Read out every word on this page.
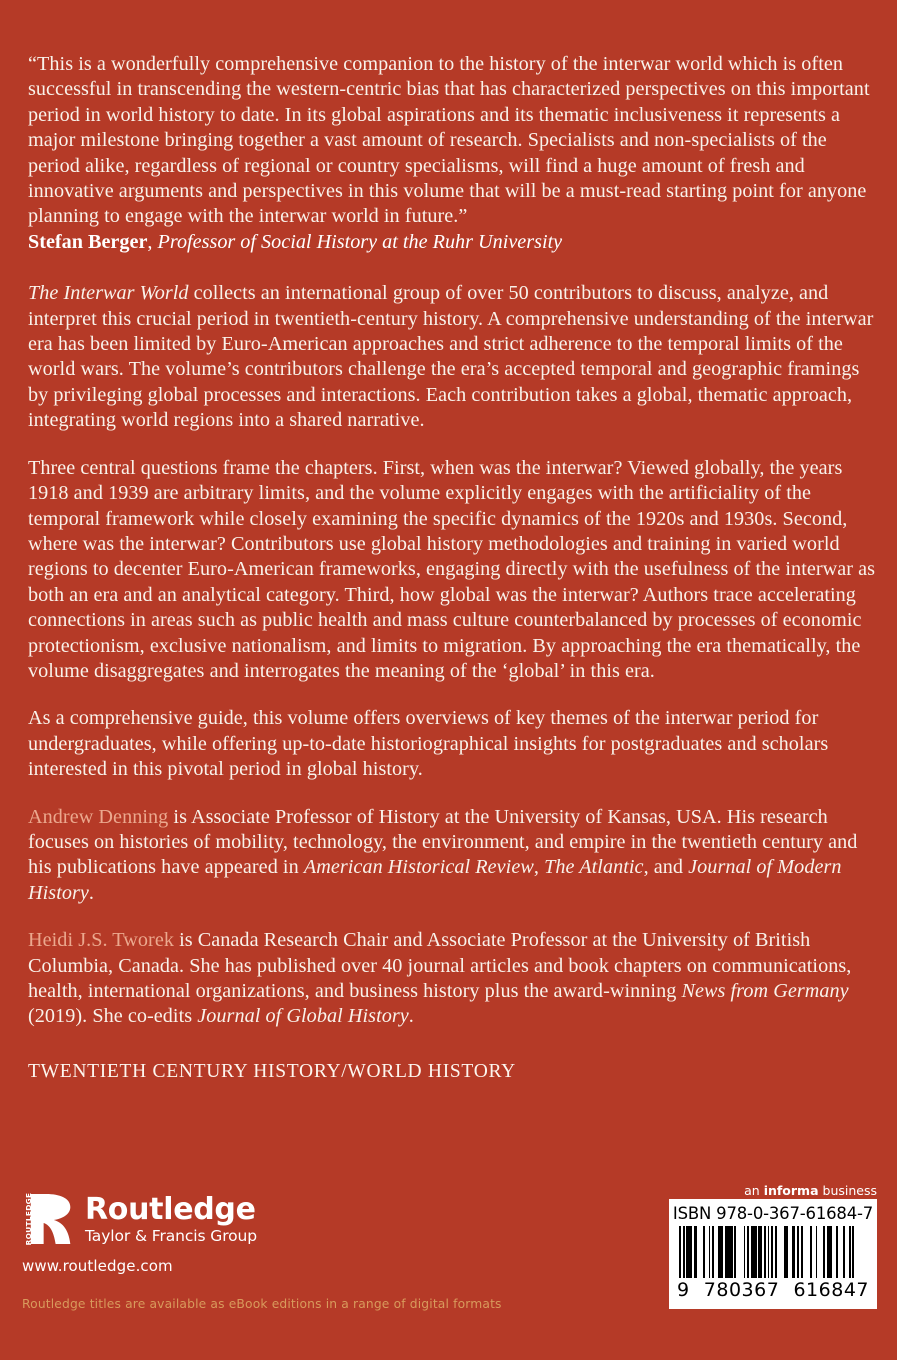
“This is a wonderfully comprehensive companion to the history of the interwar world which is often successful in transcending the western-centric bias that has characterized perspectives on this important period in world history to date. In its global aspirations and its thematic inclusiveness it represents a major milestone bringing together a vast amount of research. Specialists and non-specialists of the period alike, regardless of regional or country specialisms, will find a huge amount of fresh and innovative arguments and perspectives in this volume that will be a must-read starting point for anyone planning to engage with the interwar world in future.”

Stefan Berger, Professor of Social History at the Ruhr University

The Interwar World collects an international group of over 50 contributors to discuss, analyze, and interpret this crucial period in twentieth-century history. A comprehensive understanding of the interwar era has been limited by Euro-American approaches and strict adherence to the temporal limits of the world wars. The volume’s contributors challenge the era’s accepted temporal and geographic framings by privileging global processes and interactions. Each contribution takes a global, thematic approach, integrating world regions into a shared narrative.

Three central questions frame the chapters. First, when was the interwar? Viewed globally, the years 1918 and 1939 are arbitrary limits, and the volume explicitly engages with the artificiality of the temporal framework while closely examining the specific dynamics of the 1920s and 1930s. Second, where was the interwar? Contributors use global history methodologies and training in varied world regions to decenter Euro-American frameworks, engaging directly with the usefulness of the interwar as both an era and an analytical category. Third, how global was the interwar? Authors trace accelerating connections in areas such as public health and mass culture counterbalanced by processes of economic protectionism, exclusive nationalism, and limits to migration. By approaching the era thematically, the volume disaggregates and interrogates the meaning of the ‘global’ in this era.

As a comprehensive guide, this volume offers overviews of key themes of the interwar period for undergraduates, while offering up-to-date historiographical insights for postgraduates and scholars interested in this pivotal period in global history.

Andrew Denning is Associate Professor of History at the University of Kansas, USA. His research focuses on histories of mobility, technology, the environment, and empire in the twentieth century and his publications have appeared in American Historical Review, The Atlantic, and Journal of Modern History.

Heidi J.S. Tworek is Canada Research Chair and Associate Professor at the University of British Columbia, Canada. She has published over 40 journal articles and book chapters on communications, health, international organizations, and business history plus the award-winning News from Germany (2019). She co-edits Journal of Global History.

TWENTIETH CENTURY HISTORY/WORLD HISTORY

ROUTLEDGE Routledge
Taylor & Francis Group
www.routledge.com
Routledge titles are available as eBook editions in a range of digital formats
an informa business
ISBN 978-0-367-61684-7
9 780367 616847
